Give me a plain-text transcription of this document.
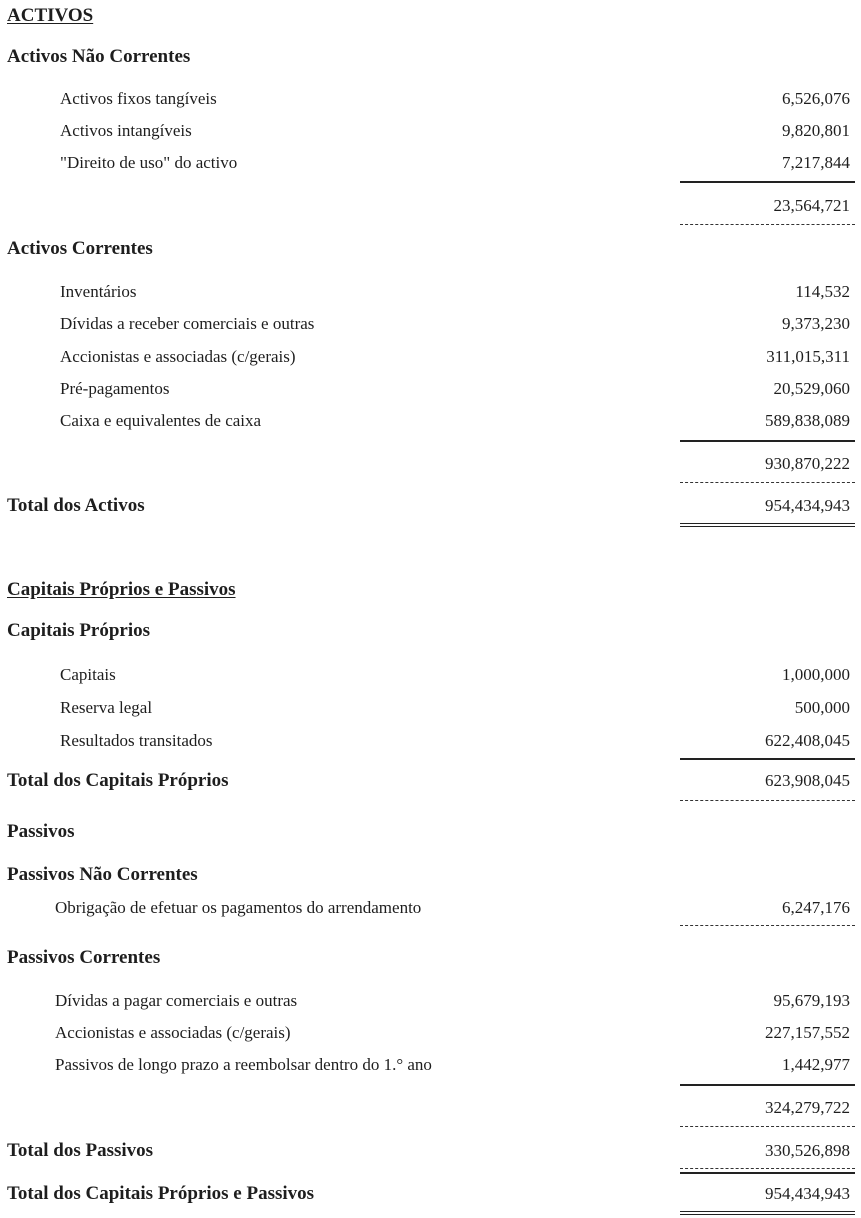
ACTIVOS
Activos Não Correntes
Activos fixos tangíveis	6,526,076
Activos intangíveis	9,820,801
"Direito de uso" do activo	7,217,844
23,564,721
Activos Correntes
Inventários	114,532
Dívidas a receber comerciais e outras	9,373,230
Accionistas e associadas (c/gerais)	311,015,311
Pré-pagamentos	20,529,060
Caixa e equivalentes de caixa	589,838,089
930,870,222
Total dos Activos	954,434,943
Capitais Próprios e Passivos
Capitais Próprios
Capitais	1,000,000
Reserva legal	500,000
Resultados transitados	622,408,045
Total dos Capitais Próprios	623,908,045
Passivos
Passivos Não Correntes
Obrigação de efetuar os pagamentos do arrendamento	6,247,176
Passivos Correntes
Dívidas a pagar comerciais e outras	95,679,193
Accionistas e associadas (c/gerais)	227,157,552
Passivos de longo prazo a reembolsar dentro do 1.° ano	1,442,977
324,279,722
Total dos Passivos	330,526,898
Total dos Capitais Próprios e Passivos	954,434,943
